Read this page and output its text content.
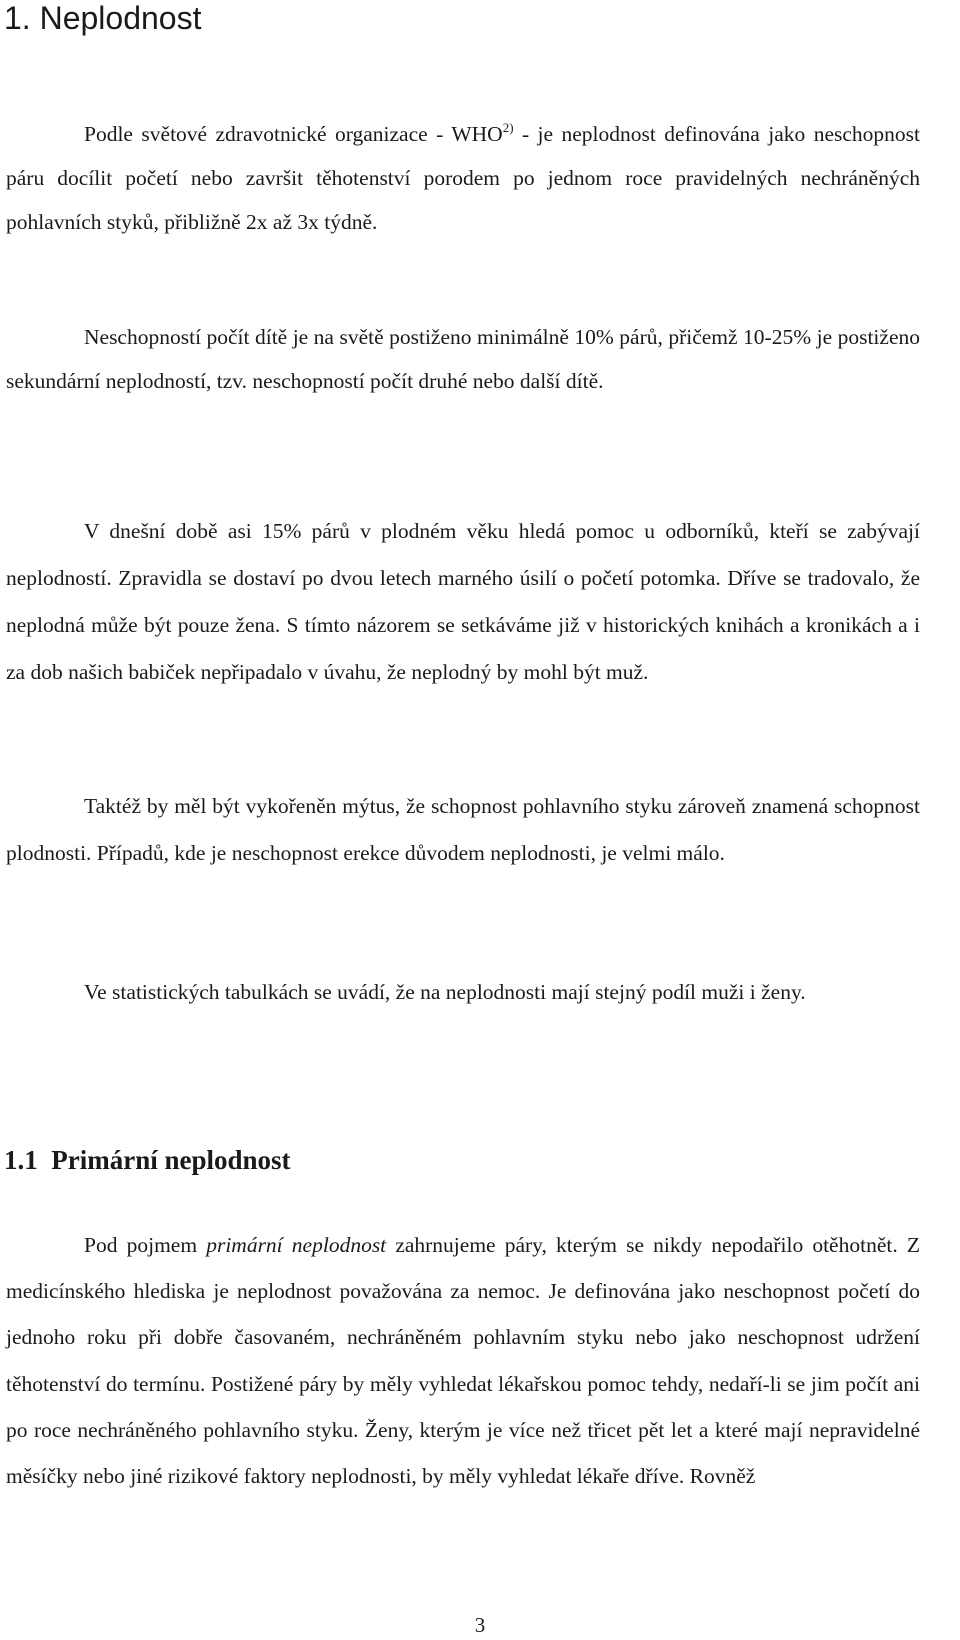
1. Neplodnost

Podle světové zdravotnické organizace - WHO$^{2)}$ - je neplodnost definována jako neschopnost páru docílit početí nebo završit těhotenství porodem po jednom roce pravidelných nechráněných pohlavních styků, přibližně 2x až 3x týdně.

Neschopností počít dítě je na světě postiženo minimálně 10% párů, přičemž 10-25% je postiženo sekundární neplodností, tzv. neschopností počít druhé nebo další dítě.

V dnešní době asi 15% párů v plodném věku hledá pomoc u odborníků, kteří se zabývají neplodností. Zpravidla se dostaví po dvou letech marného úsilí o početí potomka. Dříve se tradovalo, že neplodná může být pouze žena. S tímto názorem se setkáváme již v historických knihách a kronikách a i za dob našich babiček nepřipadalo v úvahu, že neplodný by mohl být muž.

Taktéž by měl být vykořeněn mýtus, že schopnost pohlavního styku zároveň znamená schopnost plodnosti. Případů, kde je neschopnost erekce důvodem neplodnosti, je velmi málo.

Ve statistických tabulkách se uvádí, že na neplodnosti mají stejný podíl muži i ženy.

1.1 Primární neplodnost

Pod pojmem primární neplodnost zahrnujeme páry, kterým se nikdy nepodařilo otěhotnět. Z medicínského hlediska je neplodnost považována za nemoc. Je definována jako neschopnost početí do jednoho roku při dobře časovaném, nechráněném pohlavním styku nebo jako neschopnost udržení těhotenství do termínu. Postižené páry by měly vyhledat lékařskou pomoc tehdy, nedaří-li se jim počít ani po roce nechráněného pohlavního styku. Ženy, kterým je více než třicet pět let a které mají nepravidelné měsíčky nebo jiné rizikové faktory neplodnosti, by měly vyhledat lékaře dříve. Rovněž

3
